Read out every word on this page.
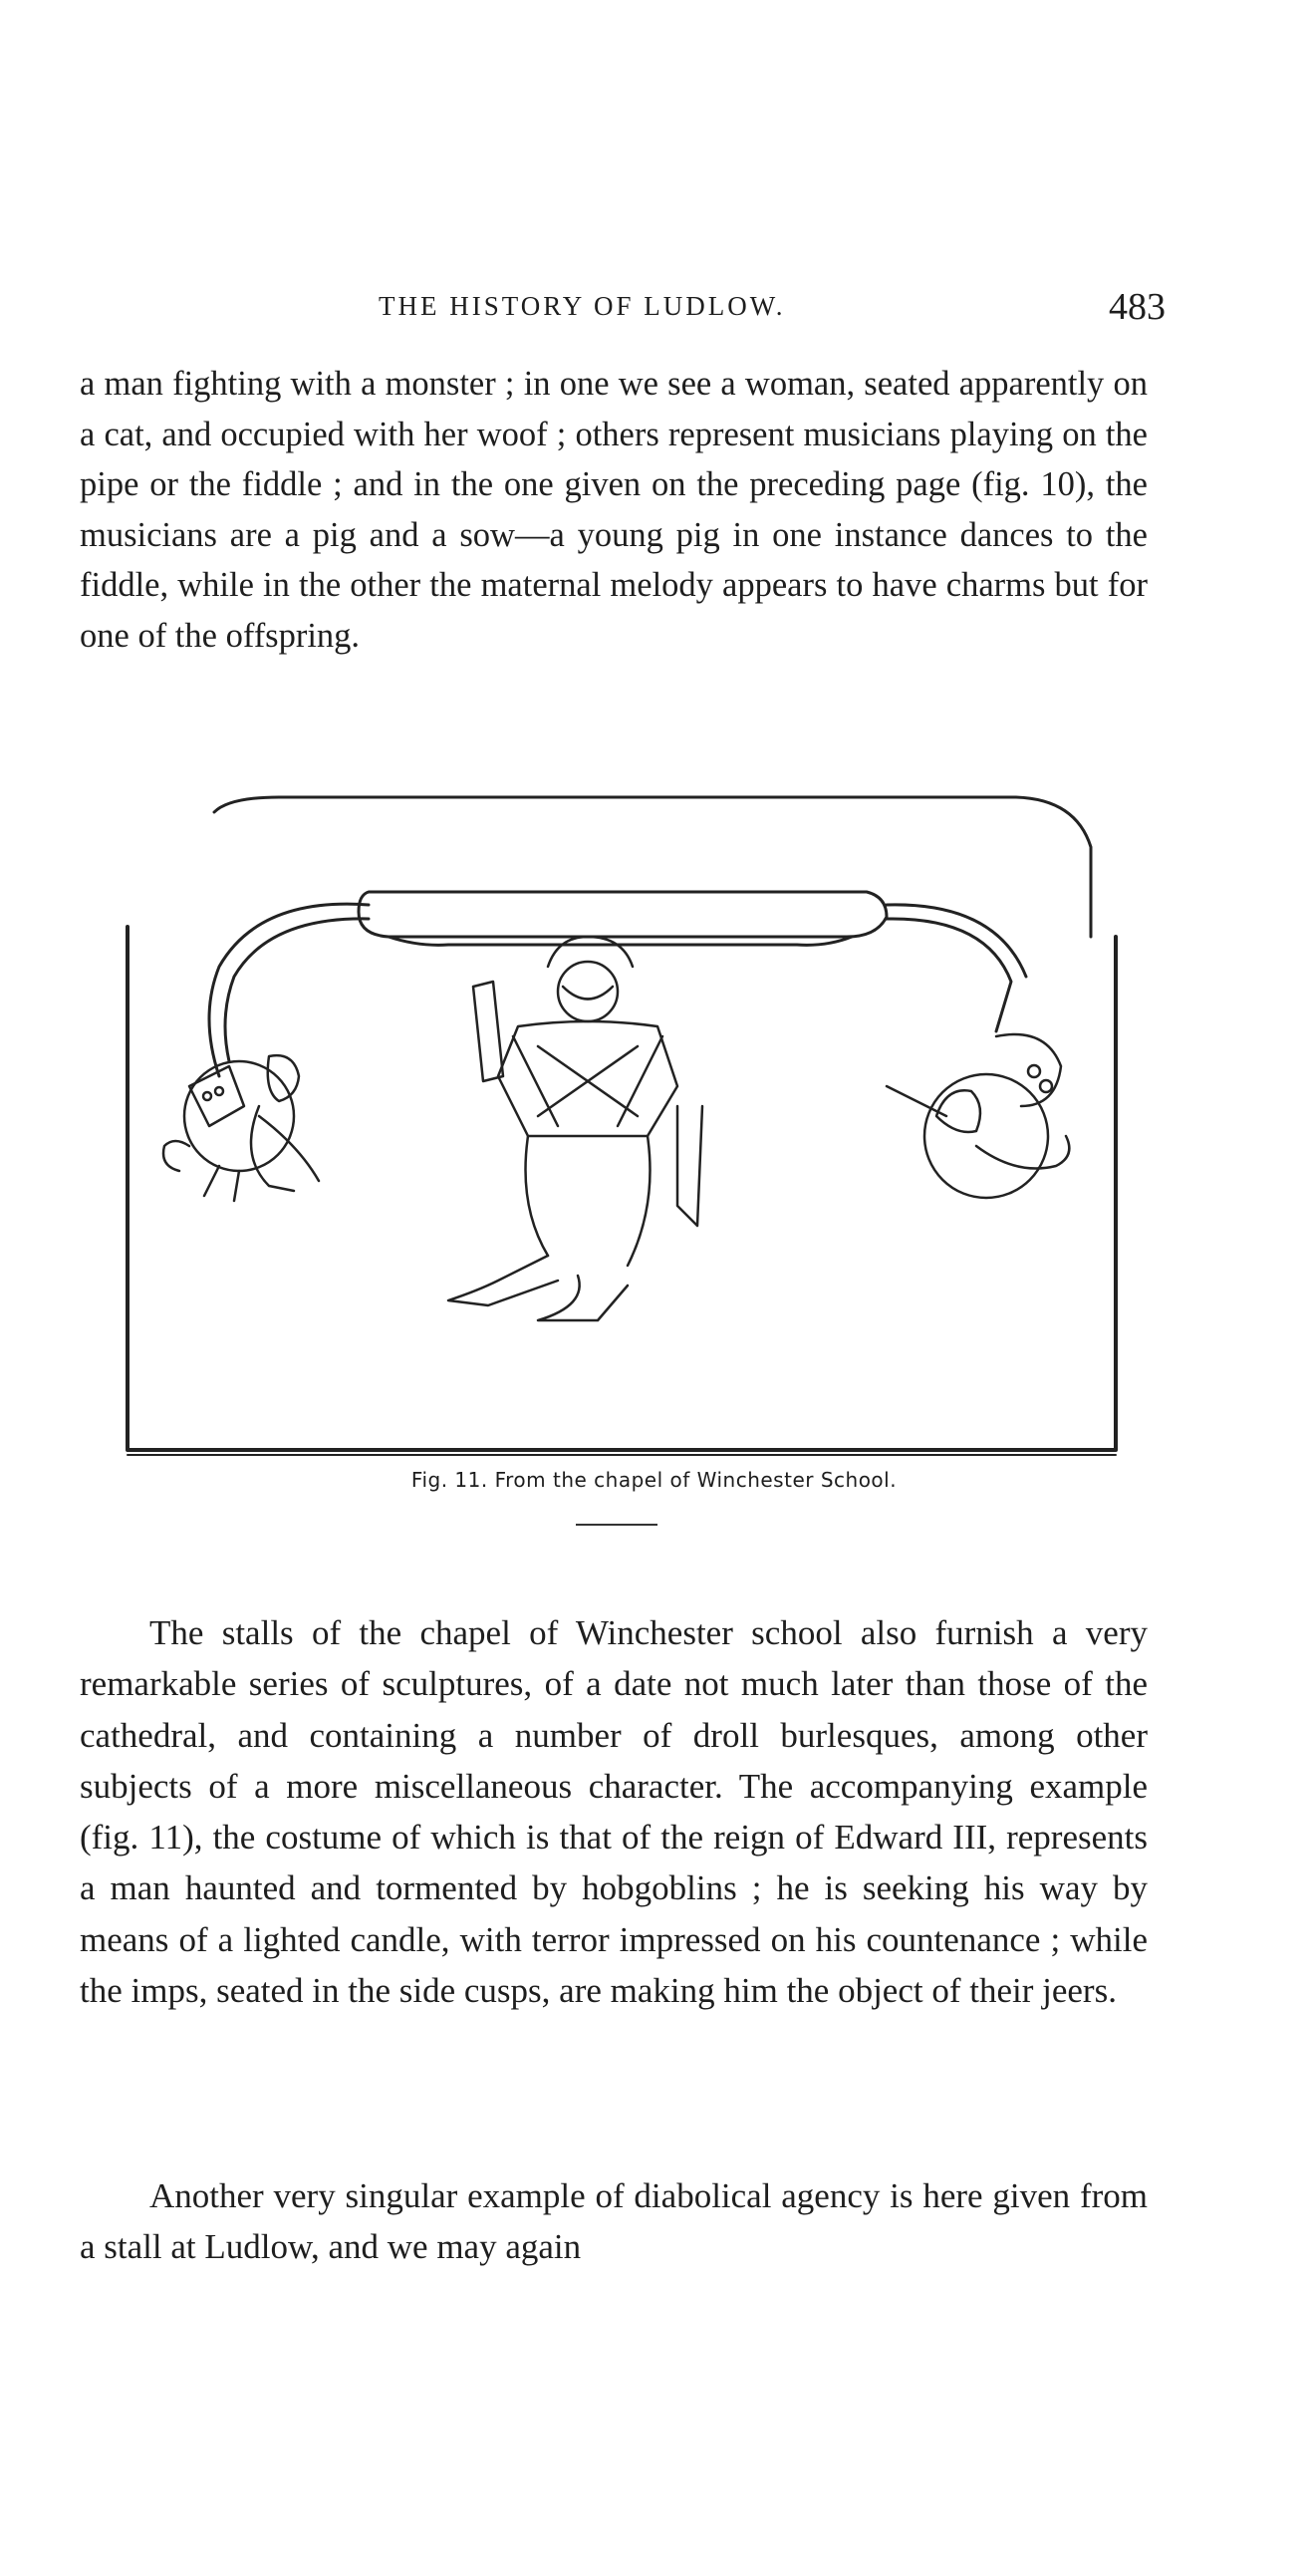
THE HISTORY OF LUDLOW.	483

a man fighting with a monster ; in one we see a woman, seated apparently on a cat, and occupied with her woof ; others represent musicians playing on the pipe or the fiddle ; and in the one given on the preceding page (fig. 10), the musicians are a pig and a sow—a young pig in one instance dances to the fiddle, while in the other the maternal melody appears to have charms but for one of the offspring.

Fig. 11. From the chapel of Winchester School.

The stalls of the chapel of Winchester school also furnish a very remarkable series of sculptures, of a date not much later than those of the cathedral, and containing a number of droll burlesques, among other subjects of a more miscellaneous character. The accompanying example (fig. 11), the costume of which is that of the reign of Edward III, represents a man haunted and tormented by hobgoblins ; he is seeking his way by means of a lighted candle, with terror impressed on his countenance ; while the imps, seated in the side cusps, are making him the object of their jeers.

Another very singular example of diabolical agency is here given from a stall at Ludlow, and we may again
